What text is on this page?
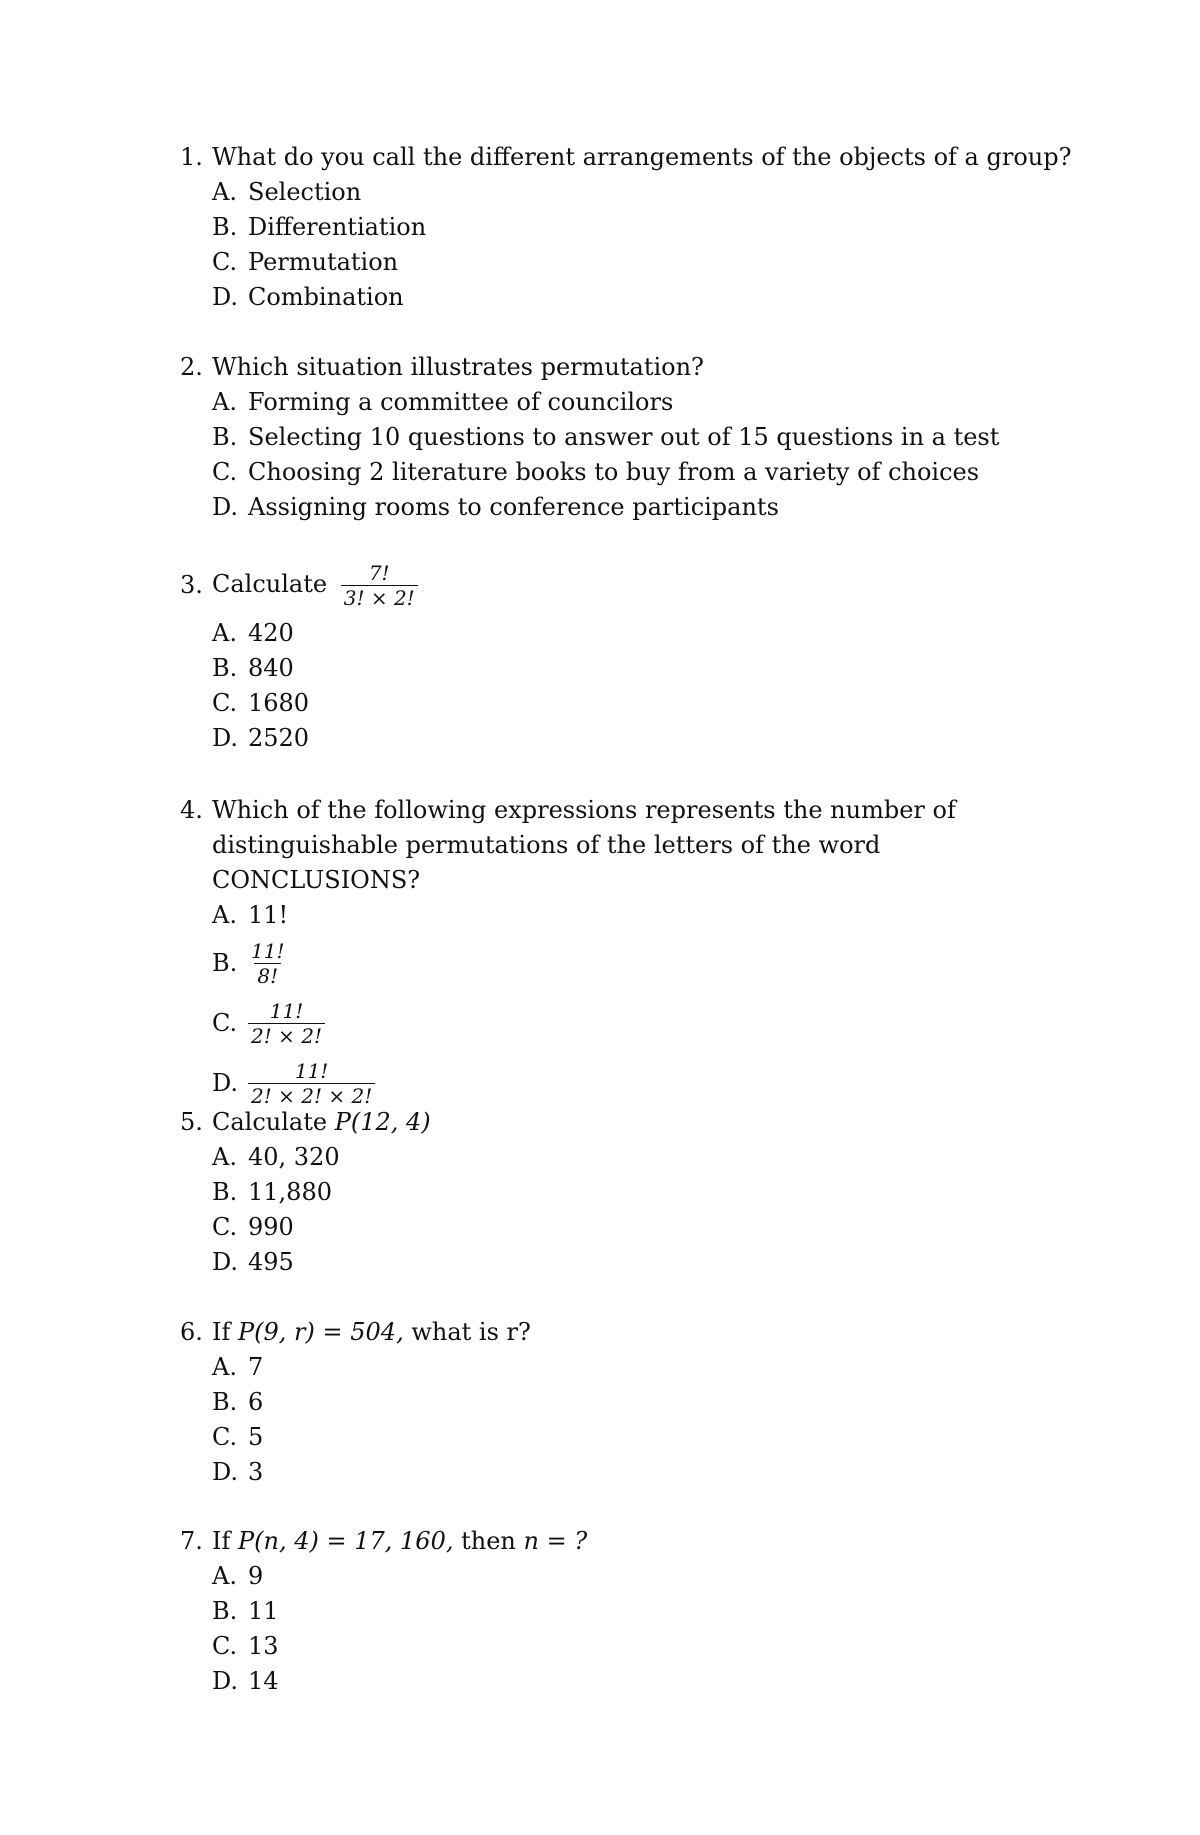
1. What do you call the different arrangements of the objects of a group?
A. Selection
B. Differentiation
C. Permutation
D. Combination
2. Which situation illustrates permutation?
A. Forming a committee of councilors
B. Selecting 10 questions to answer out of 15 questions in a test
C. Choosing 2 literature books to buy from a variety of choices
D. Assigning rooms to conference participants
3. Calculate $\frac{7!}{3! \times 2!}$
A. 420
B. 840
C. 1680
D. 2520
4. Which of the following expressions represents the number of
distinguishable permutations of the letters of the word CONCLUSIONS?
A. 11!
B. $\frac{11!}{8!}$
C. $\frac{11!}{2! \times 2!}$
D. $\frac{11!}{2! \times 2! \times 2!}$
5. Calculate P(12, 4)
A. 40, 320
B. 11,880
C. 990
D. 495
6. If P(9, r) = 504, what is r?
A. 7
B. 6
C. 5
D. 3
7. If P(n, 4) = 17, 160, then n = ?
A. 9
B. 11
C. 13
D. 14
